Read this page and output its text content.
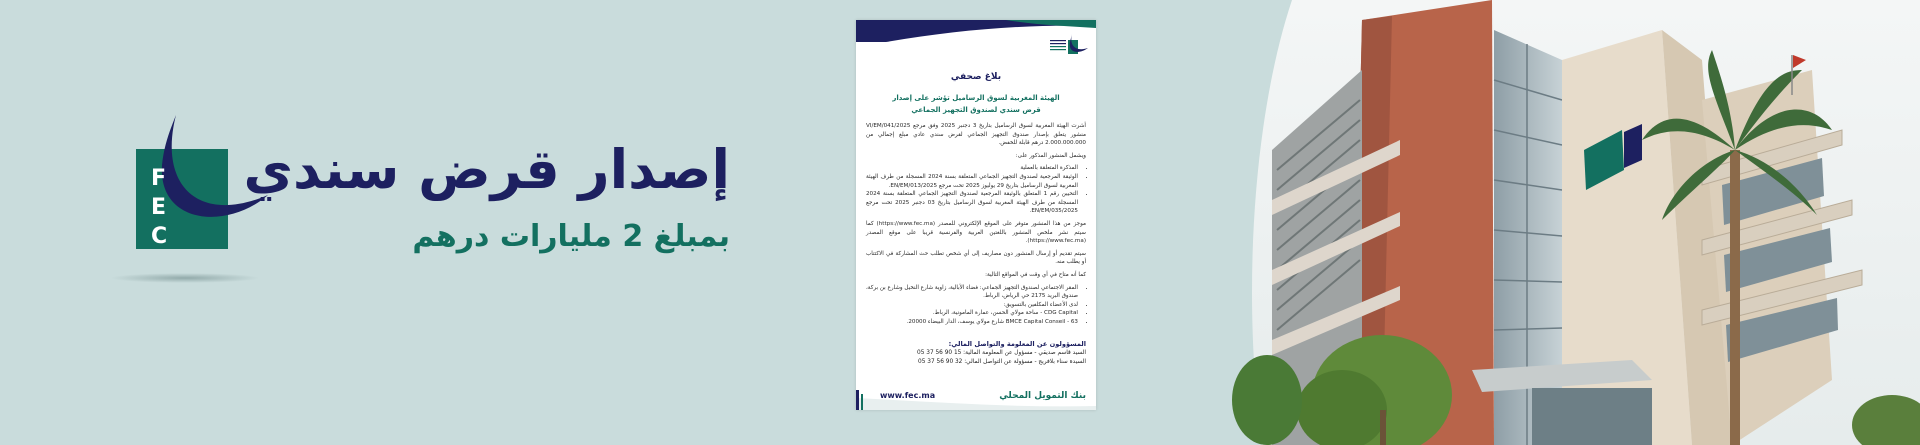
F
E
C
إصدار قرض سندي
بمبلغ 2 مليارات درهم
بلاغ صحفي
الهيئة المغربية لسوق الرساميل تؤشر على إصدار
قرض سندي لصندوق التجهيز الجماعي

أشرت الهيئة المغربية لسوق الرساميل بتاريخ 3 دجنبر 2025 وفق مرجع VI/EM/041/2025 منشور يتعلق بإصدار صندوق التجهيز الجماعي لقرض سندي عادي مبلغ إجمالي من 2.000.000.000 درهم قابلة للخفض.

ويشمل المنشور المذكور على:

• المذكرة المتعلقة بالعملية
• الوثيقة المرجعية لصندوق التجهيز الجماعي المتعلقة بسنة 2024 المسجلة من طرف الهيئة المغربية لسوق الرساميل بتاريخ 29 يوليوز 2025 تحت مرجع EN/EM/013/2025.
• التحيين رقم 1 المتعلق بالوثيقة المرجعية لصندوق التجهيز الجماعي المتعلقة بسنة 2024 المسجلة من طرف الهيئة المغربية لسوق الرساميل بتاريخ 03 دجنبر 2025 تحت مرجع EN/EM/035/2025.

موجز من هذا المنشور متوفر على الموقع الإلكتروني للمصدر (https://www.fec.ma) كما سيتم نشر ملخص المنشور باللغتين العربية والفرنسية قريبا على موقع المصدر (https://www.fec.ma).

سيتم تقديم أو إرسال المنشور دون مصاريف إلى أي شخص تطلب حث المشاركة في الاكتتاب أو يطلب منه.

كما أنه متاح في أي وقت في المواقع التالية:

• المقر الاجتماعي لصندوق التجهيز الجماعي: فضاء الأبالية، زاوية شارع النخيل وشارع بن بركة، صندوق البريد 2175 حي الرياض، الرباط.
• لدى الأعضاء المكلفين بالتسويق:
• CDG Capital - ساحة مولاي الحسن، عمارة المامونية، الرباط.
• BMCE Capital Conseil - 63 شارع مولاي يوسف، الدار البيضاء 20000.
المسؤولون عن المعلومة والتواصل المالي:
السيد قاسم صديقي - مسؤول عن المعلومة المالية: 15 90 56 37 05
السيدة سناء بلافريج - مسؤولة عن التواصل المالي: 32 90 56 37 05
www.fec.ma	بنك التمويل المحلي
